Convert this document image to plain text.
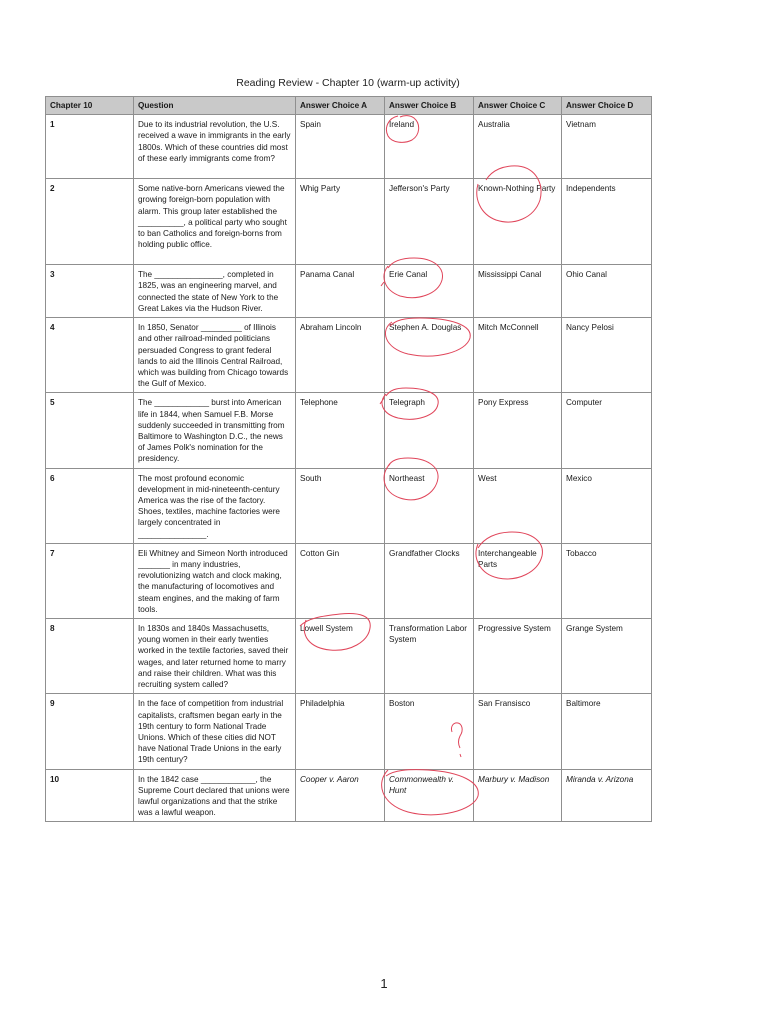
Reading Review - Chapter 10 (warm-up activity)
Chapter 10	Question	Answer Choice A	Answer Choice B	Answer Choice C	Answer Choice D
1	Due to its industrial revolution, the U.S. received a wave in immigrants in the early 1800s. Which of these countries did most of these early immigrants come from?	Spain	Ireland	Australia	Vietnam
2	Some native-born Americans viewed the growing foreign-born population with alarm. This group later established the __________, a political party who sought to ban Catholics and foreign-borns from holding public office.	Whig Party	Jefferson's Party	Known-Nothing Party	Independents
3	The _______________, completed in 1825, was an engineering marvel, and connected the state of New York to the Great Lakes via the Hudson River.	Panama Canal	Erie Canal	Mississippi Canal	Ohio Canal
4	In 1850, Senator _________ of Illinois and other railroad-minded politicians persuaded Congress to grant federal lands to aid the Illinois Central Railroad, which was building from Chicago towards the Gulf of Mexico.	Abraham Lincoln	Stephen A. Douglas	Mitch McConnell	Nancy Pelosi
5	The ____________ burst into American life in 1844, when Samuel F.B. Morse suddenly succeeded in transmitting from Baltimore to Washington D.C., the news of James Polk's nomination for the presidency.	Telephone	Telegraph	Pony Express	Computer
6	The most profound economic development in mid-nineteenth-century America was the rise of the factory. Shoes, textiles, machine factories were largely concentrated in _______________.	South	Northeast	West	Mexico
7	Eli Whitney and Simeon North introduced _______ in many industries, revolutionizing watch and clock making, the manufacturing of locomotives and steam engines, and the making of farm tools.	Cotton Gin	Grandfather Clocks	Interchangeable Parts	Tobacco
8	In 1830s and 1840s Massachusetts, young women in their early twenties worked in the textile factories, saved their wages, and later returned home to marry and raise their children. What was this recruiting system called?	Lowell System	Transformation Labor System	Progressive System	Grange System
9	In the face of competition from industrial capitalists, craftsmen began early in the 19th century to form National Trade Unions. Which of these cities did NOT have National Trade Unions in the early 19th century?	Philadelphia	Boston	San Fransisco	Baltimore
10	In the 1842 case ____________, the Supreme Court declared that unions were lawful organizations and that the strike was a lawful weapon.	Cooper v. Aaron	Commonwealth v. Hunt	Marbury v. Madison	Miranda v. Arizona
1
